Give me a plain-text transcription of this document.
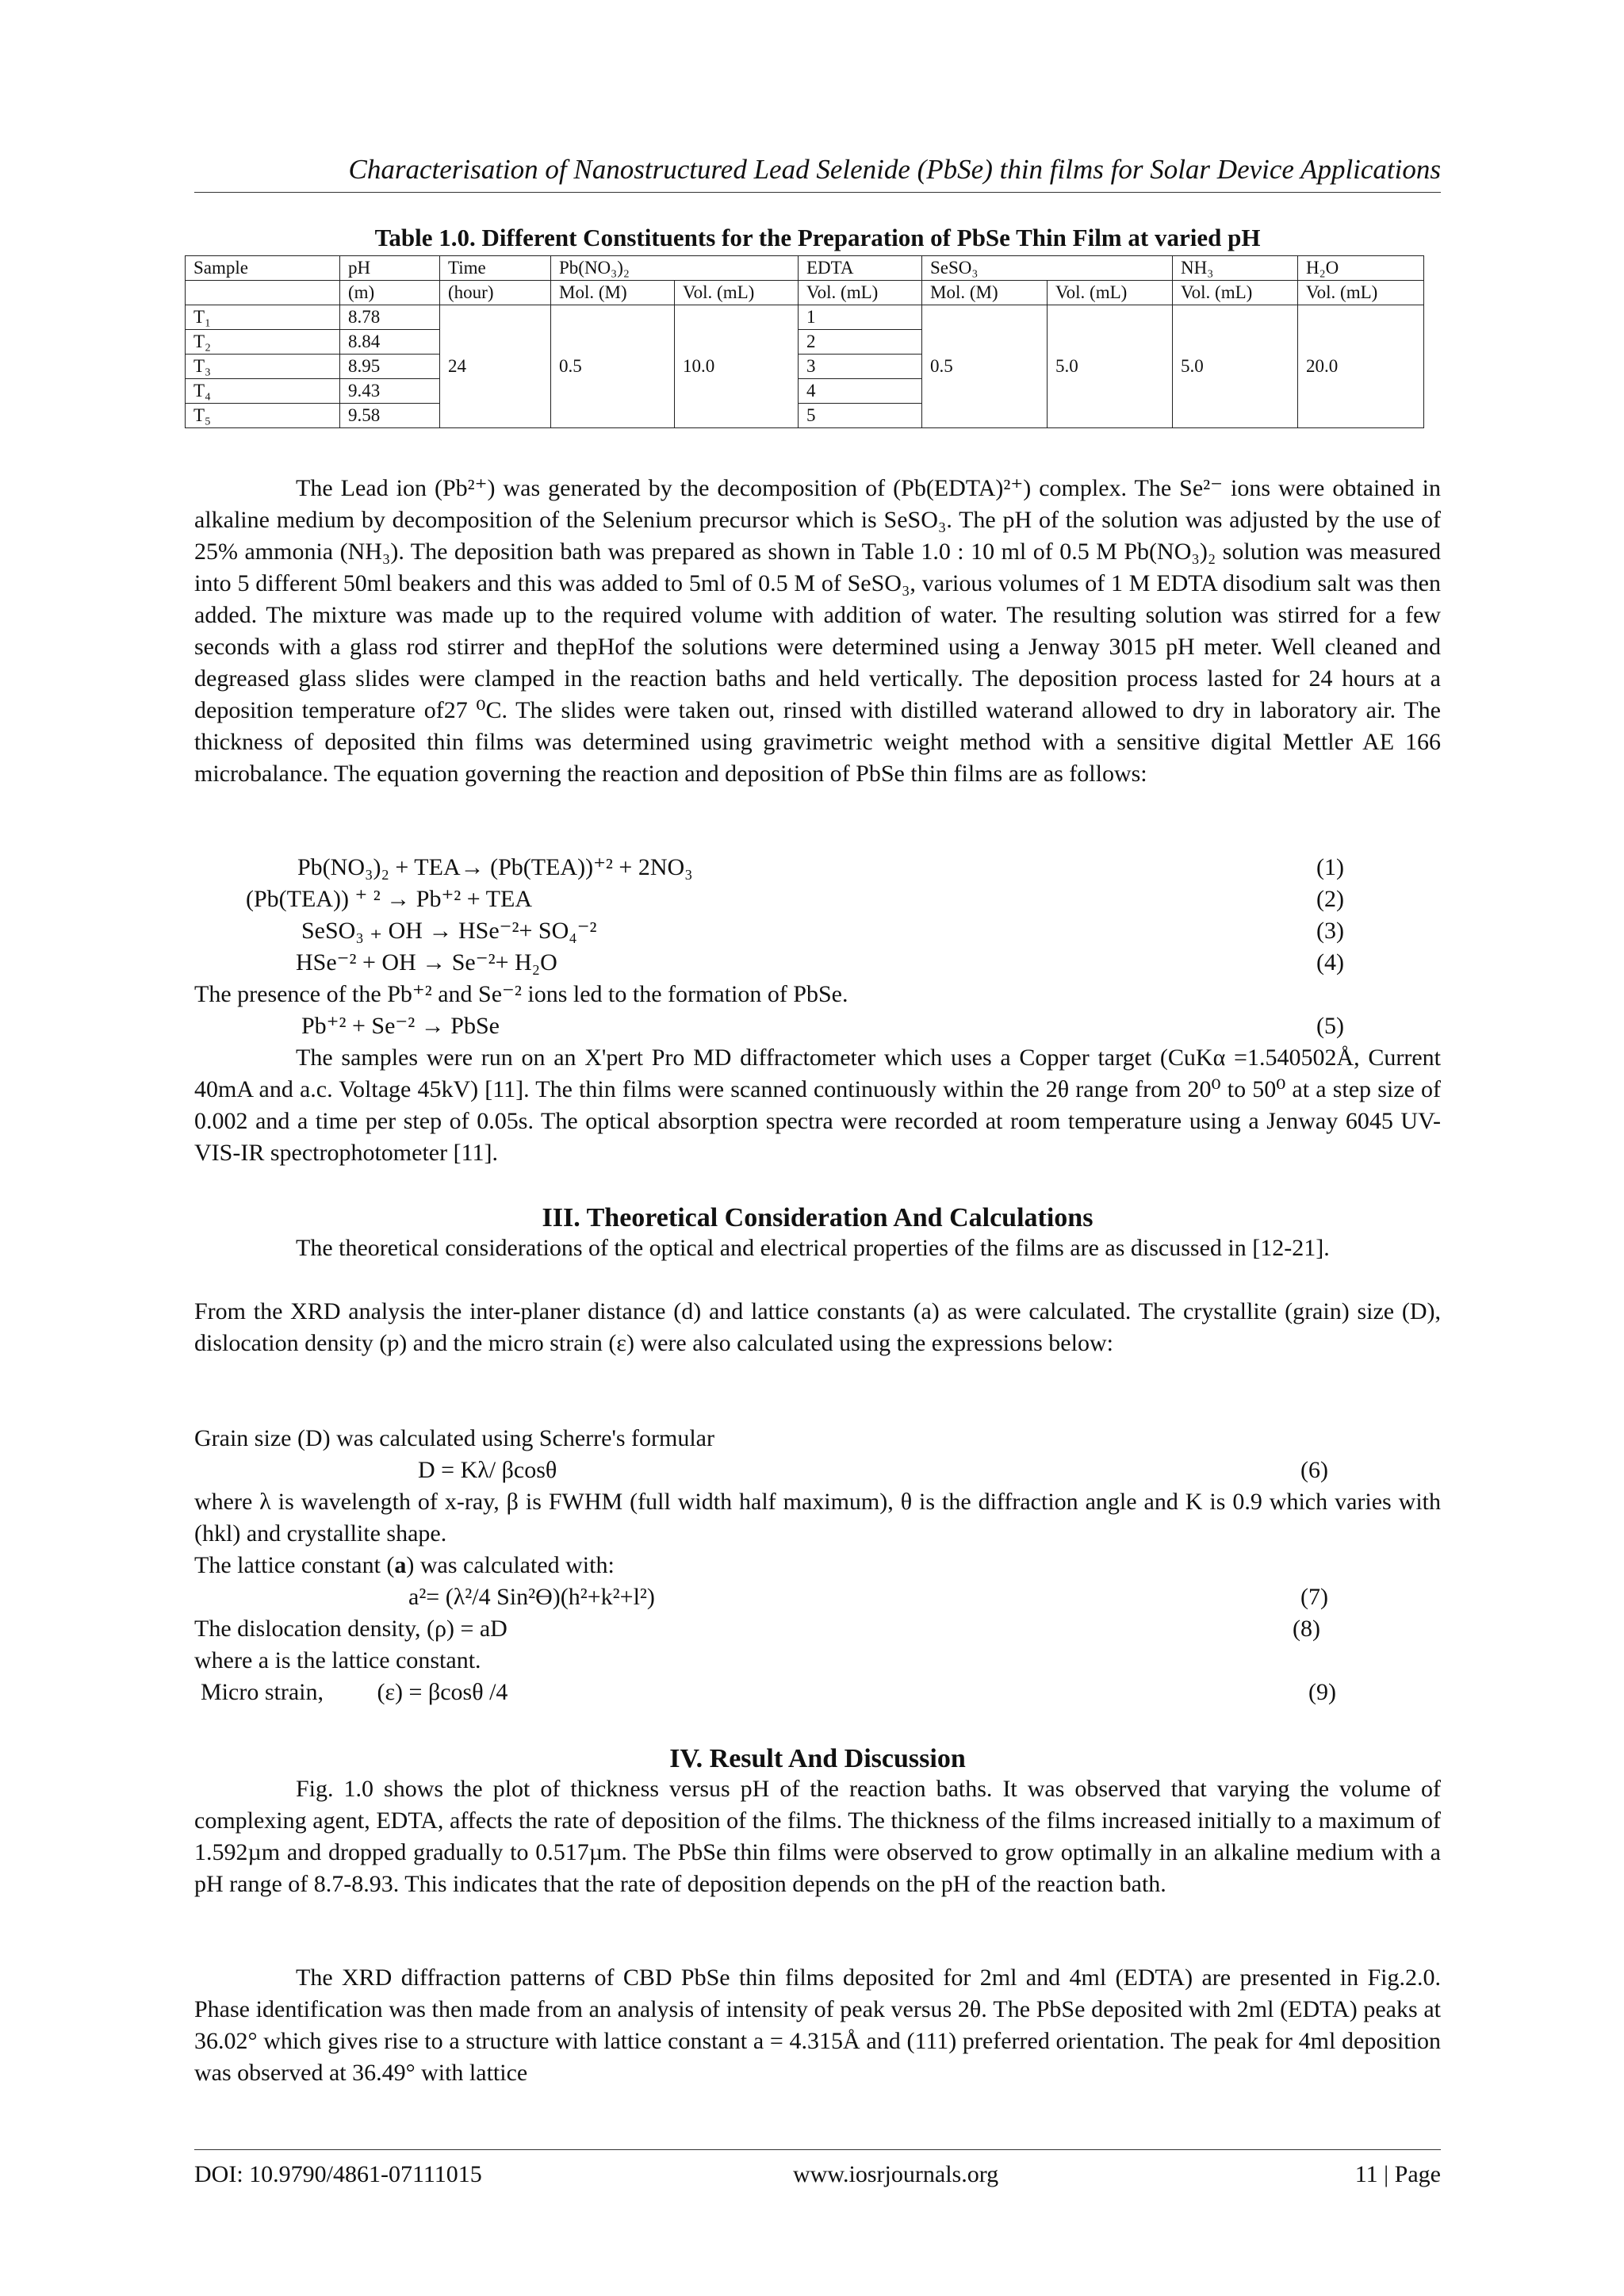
Characterisation of Nanostructured Lead Selenide (PbSe) thin films for Solar Device Applications
Table 1.0. Different Constituents for the Preparation of PbSe Thin Film at varied pH
Sample	pH	Time	Pb(NO₃)₂		EDTA	SeSO₃		NH₃	H₂O
	(m)	(hour)	Mol. (M)	Vol. (mL)	Vol. (mL)	Mol. (M)	Vol. (mL)	Vol. (mL)	Vol. (mL)
T₁	8.78	24	0.5	10.0	1	0.5	5.0	5.0	20.0
T₂	8.84				2				
T₃	8.95				3				
T₄	9.43				4				
T₅	9.58				5				
The Lead ion (Pb²⁺) was generated by the decomposition of (Pb(EDTA)²⁺) complex. The Se²⁻ ions were obtained in alkaline medium by decomposition of the Selenium precursor which is SeSO₃. The pH of the solution was adjusted by the use of 25% ammonia (NH₃). The deposition bath was prepared as shown in Table 1.0 : 10 ml of 0.5 M Pb(NO₃)₂ solution was measured into 5 different 50ml beakers and this was added to 5ml of 0.5 M of SeSO₃, various volumes of 1 M EDTA disodium salt was then added. The mixture was made up to the required volume with addition of water. The resulting solution was stirred for a few seconds with a glass rod stirrer and thepHof the solutions were determined using a Jenway 3015 pH meter. Well cleaned and degreased glass slides were clamped in the reaction baths and held vertically. The deposition process lasted for 24 hours at a deposition temperature of27 ⁰C. The slides were taken out, rinsed with distilled waterand allowed to dry in laboratory air. The thickness of deposited thin films was determined using gravimetric weight method with a sensitive digital Mettler AE 166 microbalance. The equation governing the reaction and deposition of PbSe thin films are as follows:
Pb(NO₃)₂ + TEA→ (Pb(TEA))⁺² + 2NO₃	(1)
(Pb(TEA)) ⁺ ² → Pb⁺² + TEA	(2)
SeSO₃ ₊ OH → HSe⁻²+ SO₄⁻²	(3)
HSe⁻² + OH → Se⁻²+ H₂O	(4)
The presence of the Pb⁺² and Se⁻² ions led to the formation of PbSe.
Pb⁺² + Se⁻² → PbSe	(5)
The samples were run on an X'pert Pro MD diffractometer which uses a Copper target (CuKα =1.540502Å, Current 40mA and a.c. Voltage 45kV) [11]. The thin films were scanned continuously within the 2θ range from 20⁰ to 50⁰ at a step size of 0.002 and a time per step of 0.05s. The optical absorption spectra were recorded at room temperature using a Jenway 6045 UV-VIS-IR spectrophotometer [11].
III. Theoretical Consideration And Calculations
The theoretical considerations of the optical and electrical properties of the films are as discussed in [12-21].
From the XRD analysis the inter-planer distance (d) and lattice constants (a) as were calculated. The crystallite (grain) size (D), dislocation density (ƿ) and the micro strain (ε) were also calculated using the expressions below:
Grain size (D) was calculated using Scherre's formular
D = Kλ/ βcosθ	(6)
where λ is wavelength of x-ray, β is FWHM (full width half maximum), θ is the diffraction angle and K is 0.9 which varies with (hkl) and crystallite shape.
The lattice constant (a) was calculated with:
a²= (λ²/4 Sin²Ө)(h²+k²+l²)	(7)
The dislocation density, (ρ) = aD	(8)
where a is the lattice constant.
Micro strain, (ε) = βcosθ /4	(9)
IV. Result And Discussion
Fig. 1.0 shows the plot of thickness versus pH of the reaction baths. It was observed that varying the volume of complexing agent, EDTA, affects the rate of deposition of the films. The thickness of the films increased initially to a maximum of 1.592µm and dropped gradually to 0.517µm. The PbSe thin films were observed to grow optimally in an alkaline medium with a pH range of 8.7-8.93. This indicates that the rate of deposition depends on the pH of the reaction bath.
The XRD diffraction patterns of CBD PbSe thin films deposited for 2ml and 4ml (EDTA) are presented in Fig.2.0. Phase identification was then made from an analysis of intensity of peak versus 2θ. The PbSe deposited with 2ml (EDTA) peaks at 36.02° which gives rise to a structure with lattice constant a = 4.315Å and (111) preferred orientation. The peak for 4ml deposition was observed at 36.49° with lattice
DOI: 10.9790/4861-07111015	www.iosrjournals.org	11 | Page
